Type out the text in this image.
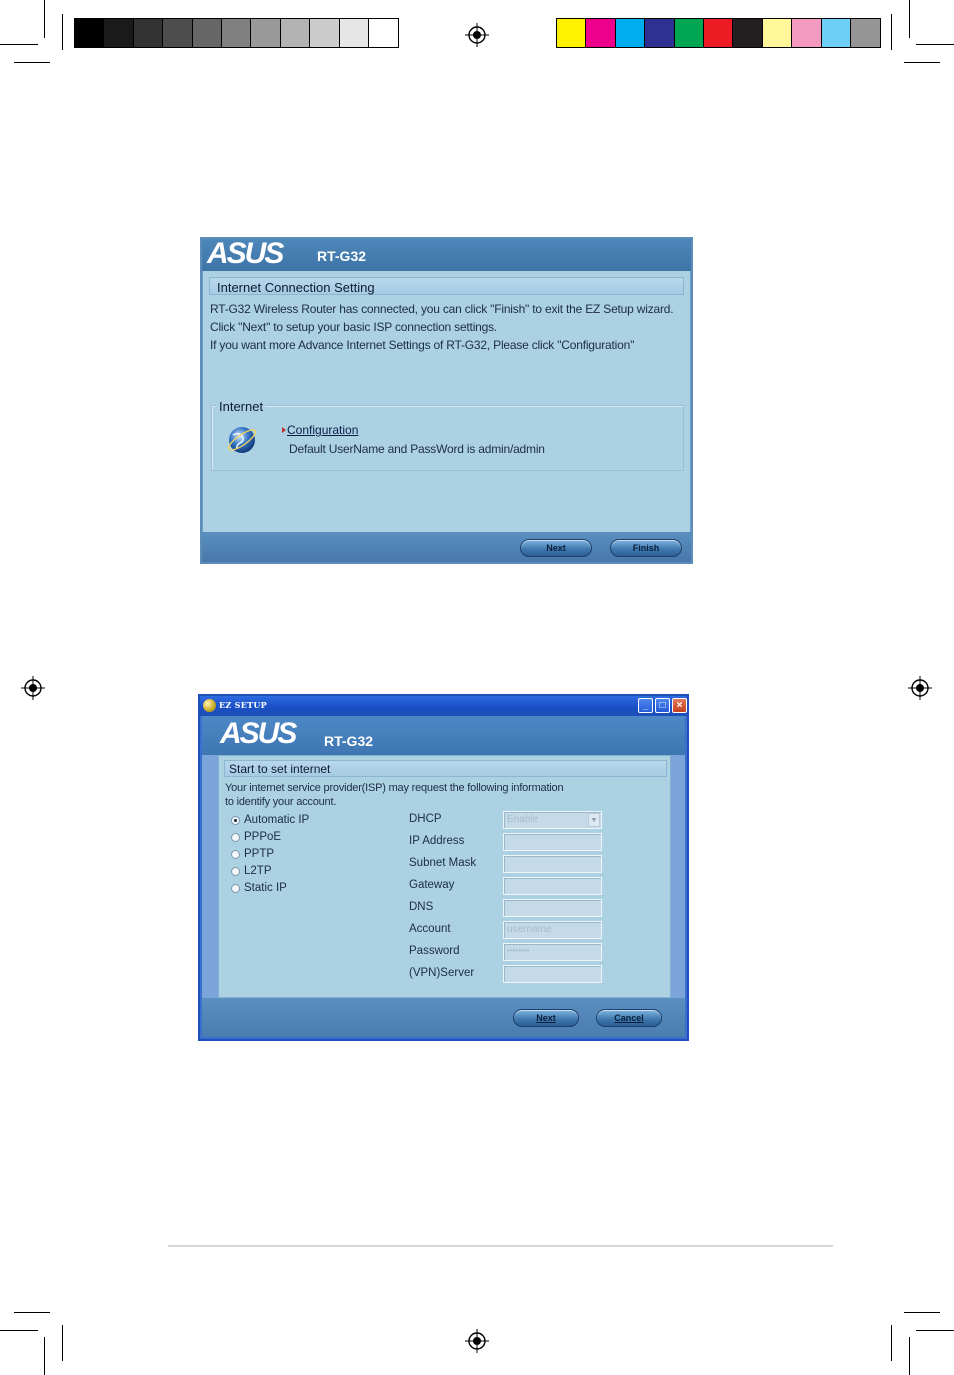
ASUS RT-G32
Internet Connection Setting
RT-G32 Wireless Router has connected, you can click "Finish" to exit the EZ Setup wizard.
Click "Next" to setup your basic ISP connection settings.
If you want more Advance Internet Settings of RT-G32, Please click "Configuration"
Internet
Configuration
Default UserName and PassWord is admin/admin
Next	Finish
EZ SETUP	_	□	×
ASUS RT-G32
Start to set internet
Your internet service provider(ISP) may request the following information
to identify your account.
Automatic IP
PPPoE
PPTP
L2TP
Static IP
DHCP	Enable	▼
IP Address
Subnet Mask
Gateway
DNS
Account	username
Password	••••••••
(VPN)Server
Next	Cancel
